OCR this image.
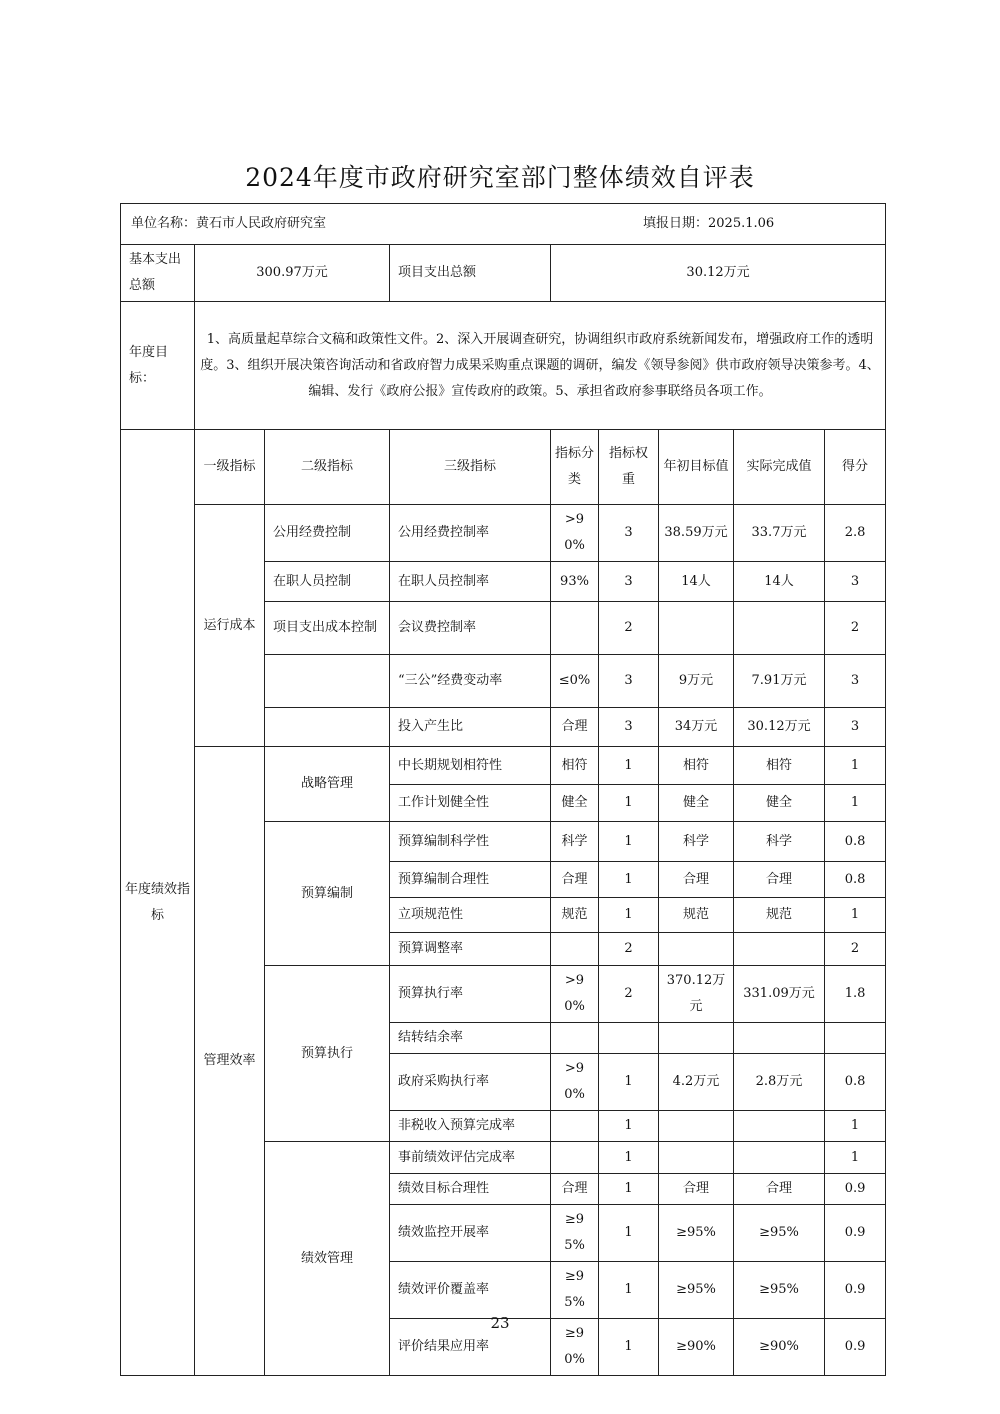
2024年度市政府研究室部门整体绩效自评表
单位名称：黄石市人民政府研究室 填报日期：2025.1.06								

基本支出总额	300.97万元		项目支出总额	30.12万元				
年度目标：	1、高质量起草综合文稿和政策性文件。2、深入开展调查研究，协调组织市政府系统新闻发布，增强政府工作的透明度。3、组织开展决策咨询活动和省政府智力成果采购重点课题的调研，编发《领导参阅》供市政府领导决策参考。4、编辑、发行《政府公报》宣传政府的政策。5、承担省政府参事联络员各项工作。							
年度绩效指标	一级指标	二级指标	三级指标	指标分类	指标权重	年初目标值	实际完成值	得分
	运行成本	公用经费控制	公用经费控制率	>90%	3	38.59万元	33.7万元	2.8
		在职人员控制	在职人员控制率	93%	3	14人	14人	3
		项目支出成本控制	会议费控制率		2			2
			“三公”经费变动率	≤0%	3	9万元	7.91万元	3
			投入产生比	合理	3	34万元	30.12万元	3
	管理效率	战略管理	中长期规划相符性	相符	1	相符	相符	1
			工作计划健全性	健全	1	健全	健全	1
		预算编制	预算编制科学性	科学	1	科学	科学	0.8
			预算编制合理性	合理	1	合理	合理	0.8
			立项规范性	规范	1	规范	规范	1
			预算调整率		2			2
		预算执行	预算执行率	>90%	2	370.12万元	331.09万元	1.8
			结转结余率					
			政府采购执行率	>90%	1	4.2万元	2.8万元	0.8
			非税收入预算完成率		1			1
		绩效管理	事前绩效评估完成率		1			1
			绩效目标合理性	合理	1	合理	合理	0.9
			绩效监控开展率	≥95%	1	≥95%	≥95%	0.9
			绩效评价覆盖率	≥95%	1	≥95%	≥95%	0.9
			评价结果应用率	≥90%	1	≥90%	≥90%	0.9
23
